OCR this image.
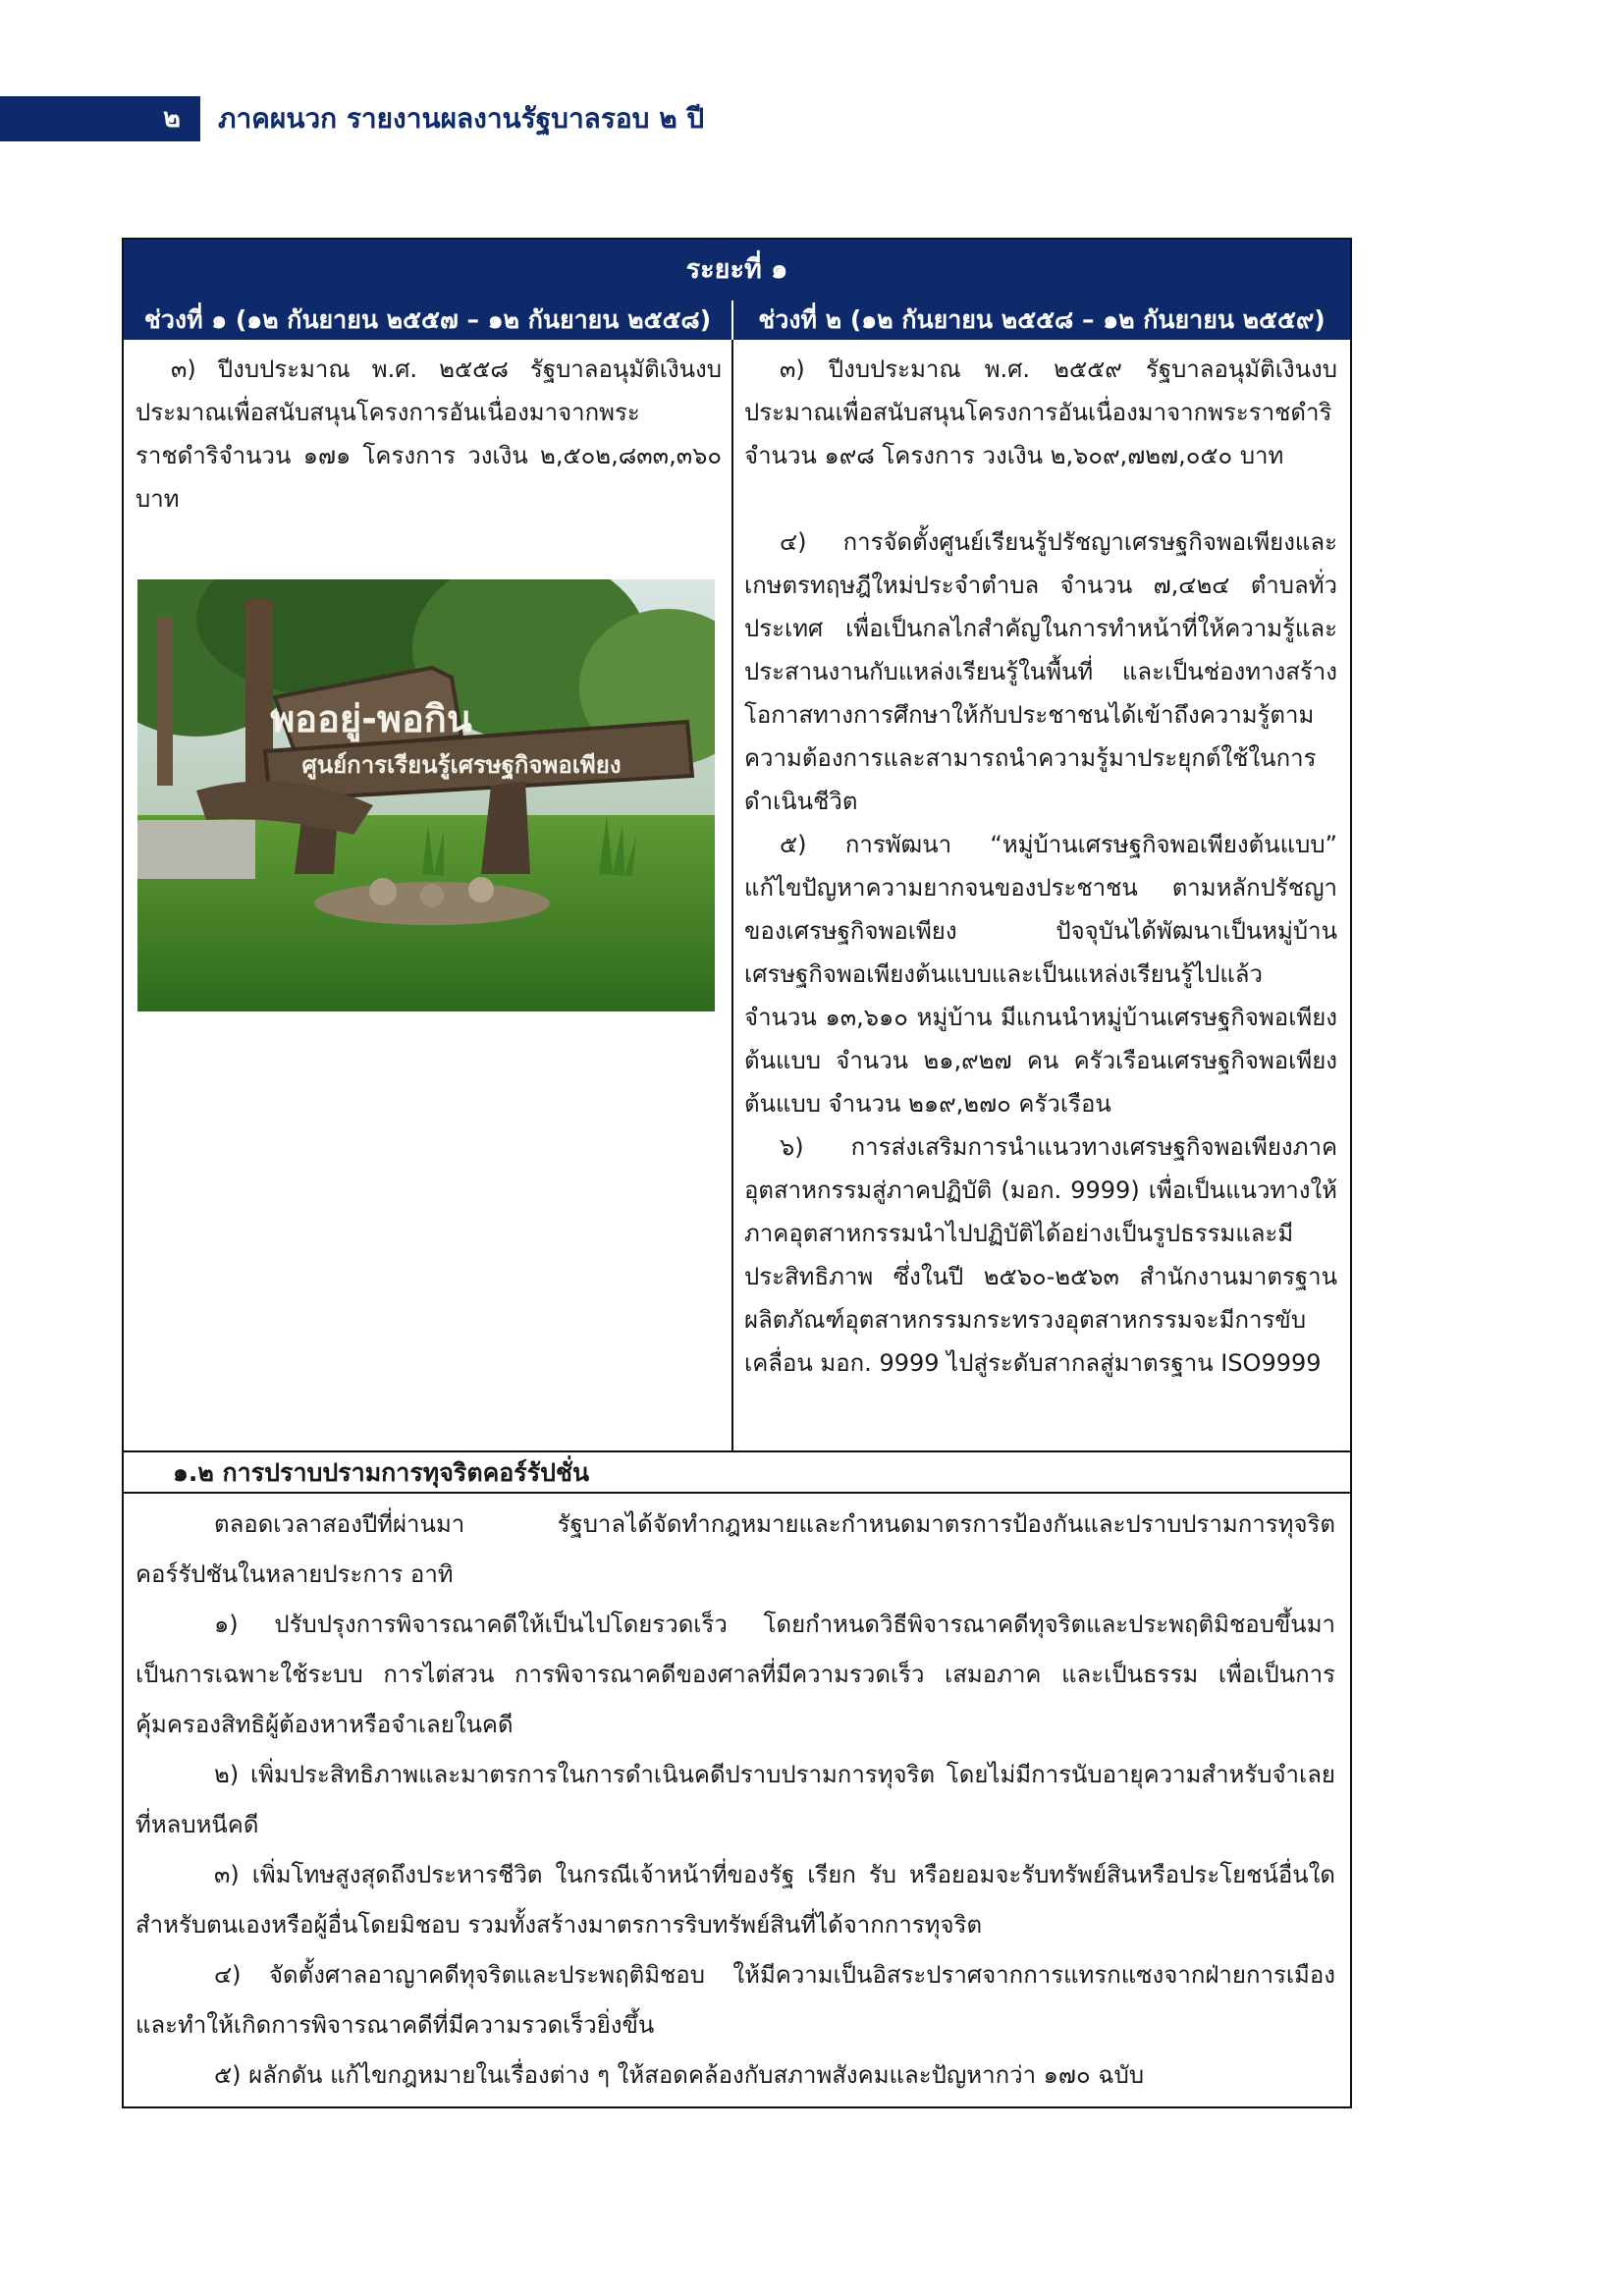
๒	ภาคผนวก รายงานผลงานรัฐบาลรอบ ๒ ปี
ระยะที่ ๑
ช่วงที่ ๑ (๑๒ กันยายน ๒๕๕๗ – ๑๒ กันยายน ๒๕๕๘)	ช่วงที่ ๒ (๑๒ กันยายน ๒๕๕๘ – ๑๒ กันยายน ๒๕๕๙)

๓) ปีงบประมาณ พ.ศ. ๒๕๕๘ รัฐบาลอนุมัติเงินงบประมาณเพื่อสนับสนุนโครงการอันเนื่องมาจากพระราชดำริจำนวน ๑๗๑ โครงการ วงเงิน ๒,๕๐๒,๘๓๓,๓๖๐ บาท

๓) ปีงบประมาณ พ.ศ. ๒๕๕๙ รัฐบาลอนุมัติเงินงบประมาณเพื่อสนับสนุนโครงการอันเนื่องมาจากพระราชดำริ จำนวน ๑๙๘ โครงการ วงเงิน ๒,๖๐๙,๗๒๗,๐๕๐ บาท

๔) การจัดตั้งศูนย์เรียนรู้ปรัชญาเศรษฐกิจพอเพียงและเกษตรทฤษฎีใหม่ประจำตำบล จำนวน ๗,๔๒๔ ตำบลทั่วประเทศ เพื่อเป็นกลไกสำคัญในการทำหน้าที่ให้ความรู้และประสานงานกับแหล่งเรียนรู้ในพื้นที่ และเป็นช่องทางสร้างโอกาสทางการศึกษาให้กับประชาชนได้เข้าถึงความรู้ตามความต้องการและสามารถนำความรู้มาประยุกต์ใช้ในการดำเนินชีวิต

๕) การพัฒนา “หมู่บ้านเศรษฐกิจพอเพียงต้นแบบ” แก้ไขปัญหาความยากจนของประชาชน ตามหลักปรัชญาของเศรษฐกิจพอเพียง ปัจจุบันได้พัฒนาเป็นหมู่บ้านเศรษฐกิจพอเพียงต้นแบบและเป็นแหล่งเรียนรู้ไปแล้ว จำนวน ๑๓,๖๑๐ หมู่บ้าน มีแกนนำหมู่บ้านเศรษฐกิจพอเพียงต้นแบบ จำนวน ๒๑,๙๒๗ คน ครัวเรือนเศรษฐกิจพอเพียงต้นแบบ จำนวน ๒๑๙,๒๗๐ ครัวเรือน

๖) การส่งเสริมการนำแนวทางเศรษฐกิจพอเพียงภาคอุตสาหกรรมสู่ภาคปฏิบัติ (มอก. 9999) เพื่อเป็นแนวทางให้ภาคอุตสาหกรรมนำไปปฏิบัติได้อย่างเป็นรูปธรรมและมีประสิทธิภาพ ซึ่งในปี ๒๕๖๐-๒๕๖๓ สำนักงานมาตรฐานผลิตภัณฑ์อุตสาหกรรมกระทรวงอุตสาหกรรมจะมีการขับเคลื่อน มอก. 9999 ไปสู่ระดับสากลสู่มาตรฐาน ISO9999

พออยู่-พอกิน
ศูนย์การเรียนรู้เศรษฐกิจพอเพียง
๑.๒ การปราบปรามการทุจริตคอร์รัปชั่น

ตลอดเวลาสองปีที่ผ่านมา รัฐบาลได้จัดทำกฎหมายและกำหนดมาตรการป้องกันและปราบปรามการทุจริตคอร์รัปชันในหลายประการ อาทิ

๑) ปรับปรุงการพิจารณาคดีให้เป็นไปโดยรวดเร็ว โดยกำหนดวิธีพิจารณาคดีทุจริตและประพฤติมิชอบขึ้นมาเป็นการเฉพาะใช้ระบบ การไต่สวน การพิจารณาคดีของศาลที่มีความรวดเร็ว เสมอภาค และเป็นธรรม เพื่อเป็นการคุ้มครองสิทธิผู้ต้องหาหรือจำเลยในคดี

๒) เพิ่มประสิทธิภาพและมาตรการในการดำเนินคดีปราบปรามการทุจริต โดยไม่มีการนับอายุความสำหรับจำเลยที่หลบหนีคดี

๓) เพิ่มโทษสูงสุดถึงประหารชีวิต ในกรณีเจ้าหน้าที่ของรัฐ เรียก รับ หรือยอมจะรับทรัพย์สินหรือประโยชน์อื่นใดสำหรับตนเองหรือผู้อื่นโดยมิชอบ รวมทั้งสร้างมาตรการริบทรัพย์สินที่ได้จากการทุจริต

๔) จัดตั้งศาลอาญาคดีทุจริตและประพฤติมิชอบ ให้มีความเป็นอิสระปราศจากการแทรกแซงจากฝ่ายการเมืองและทำให้เกิดการพิจารณาคดีที่มีความรวดเร็วยิ่งขึ้น

๕) ผลักดัน แก้ไขกฎหมายในเรื่องต่าง ๆ ให้สอดคล้องกับสภาพสังคมและปัญหากว่า ๑๗๐ ฉบับ
